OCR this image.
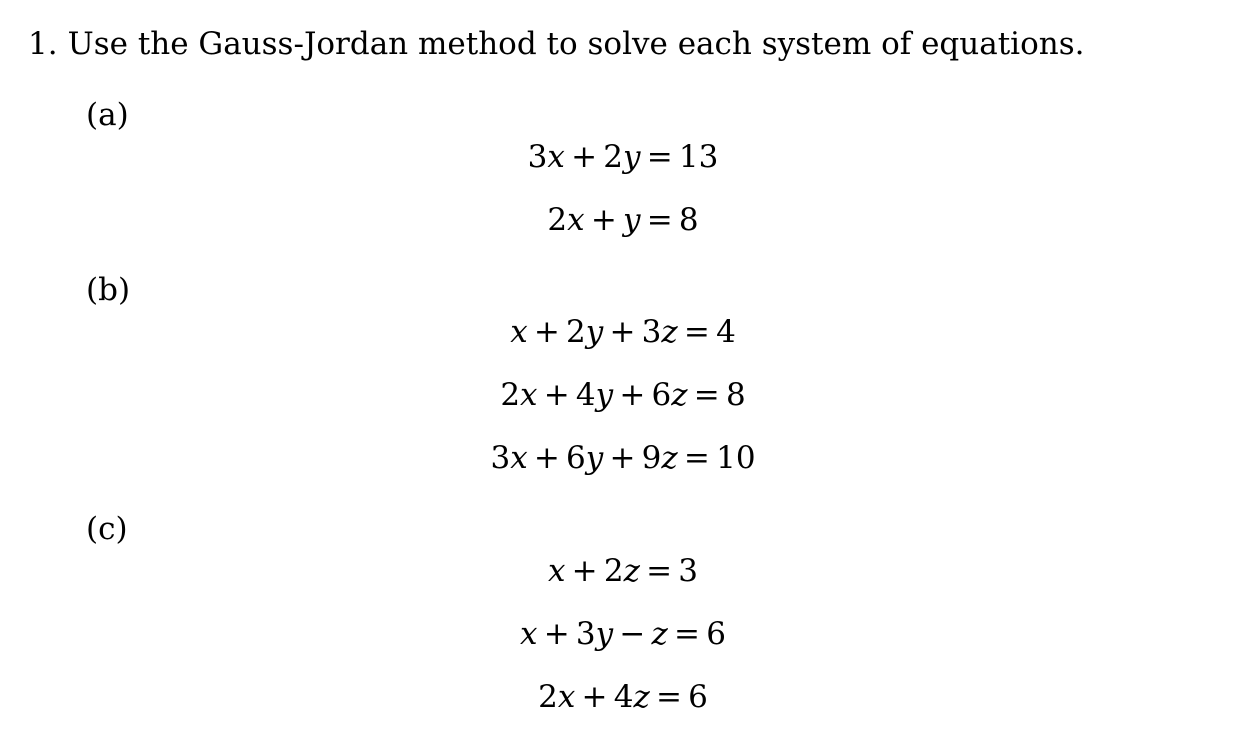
1. Use the Gauss-Jordan method to solve each system of equations.
(a)
3x + 2y = 13
2x + y = 8
(b)
x + 2y + 3z = 4
2x + 4y + 6z = 8
3x + 6y + 9z = 10
(c)
x + 2z = 3
x + 3y − z = 6
2x + 4z = 6
